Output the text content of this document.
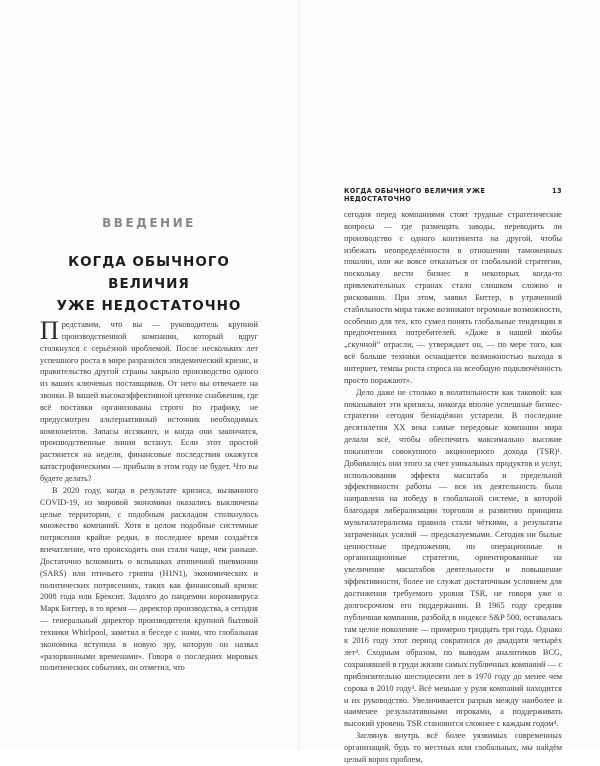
ВВЕДЕНИЕ
КОГДА ОБЫЧНОГО ВЕЛИЧИЯ
УЖЕ НЕДОСТАТОЧНО

Представим, что вы — руководитель крупной производственной компании, который вдруг столкнулся с серьёзной проблемой. После нескольких лет успешного роста в мире разразился эпидемический кризис, и правительство другой страны закрыло производство одного из ваших ключевых поставщиков. От него вы отвечаете на звонки. В вашей высокоэффективной цепочке снабжения, где всё поставки организованы строго по графику, не предусмотрен альтернативный источник необходимых компонентов. Запасы иссякают, и когда они закончатся, производственные линии встанут. Если этот простой растянется на недели, финансовые последствия окажутся катастрофическими — прибыли в этом году не будет. Что вы будете делать?

В 2020 году, когда в результате кризиса, вызванного COVID-19, из мировой экономики оказались выключены целые территории, с подобным раскладом столкнулось множество компаний. Хотя в целом подобные системные потрясения крайне редки, в последнее время создаётся впечатление, что происходить они стали чаще, чем раньше. Достаточно вспомнить о вспышках атипичной пневмонии (SARS) или птичьего гриппа (H1N1), экономических и политических потрясениях, таких как финансовый кризис 2008 года или Брексит. Задолго до пандемии коронавируса Марк Биттер, в то время — директор производства, а сегодня — генеральный директор производителя крупной бытовой техники Whirlpool, заметил в беседе с нами, что глобальная экономика вступила в новую эру, которую он назвал «разорванными временами». Говоря о последних мировых политических событиях, он отметил, что

КОГДА ОБЫЧНОГО ВЕЛИЧИЯ УЖЕ НЕДОСТАТОЧНО
13

сегодня перед компаниями стоят трудные стратегические вопросы — где размещать заводы, переводить ли производство с одного континента на другой, чтобы избежать неопределённости в отношении таможенных пошлин, или же вовсе отказаться от глобальной стратегии, поскольку вести бизнес в некоторых когда-то привлекательных странах стало слишком сложно и рискованно. При этом, заявил Биттер, в утраченной стабильности мира также возникают огромные возможности, особенно для тех, кто сумел понять глобальные тенденции в предпочтениях потребителей. «Даже в нашей якобы „скучной“ отрасли, — утверждает он, — по мере того, как всё больше техники оснащается возможностью выхода в интернет, темпы роста спроса на всеобщую подключённость просто поражают».

Дело даже не столько в волатильности как таковой: как показывают эти кризисы, никогда вполне успешные бизнес-стратегии сегодня безнадёжно устарели. В последние десятилетия XX века самые передовые компании мира делали всё, чтобы обеспечить максимально высокие показатели совокупного акционерного дохода (TSR)¹. Добивались они этого за счет уникальных продуктов и услуг, использования эффекта масштаба и предельной эффективности работы — вся их деятельность была направлена на победу в глобальной системе, в которой благодаря либерализации торговли и развитию принципа мультилатерализма правила стали чёткими, а результаты затраченных усилий — предсказуемыми. Сегодня ни былые ценностные предложения, ни операционные и организационные стратегии, ориентированные на увеличение масштабов деятельности и повышение эффективности, более не служат достаточным условием для достижения требуемого уровня TSR, не говоря уже о долгосрочном его поддержании. В 1965 году средняя публичная компания, разбойд в индексе S&P 500, оставалась там целое поколение — примерно тридцать три года. Однако к 2016 году этот период сократился до двадцати четырёх лет². Сходным образом, по выводам аналитиков BCG, сохранявшей в груди жизни самых публичных компаний — с приблизительно шестидесяти лет в 1970 году до менее чем сорока в 2010 году³. Всё меньше у руля компаний находится и их руководство. Увеличивается разрыв между наиболее и наименее результативными игроками, а поддерживать высокий уровень TSR становится сложнее с каждым годом⁴.

Заглянув внутрь всё более уязвимых современных организаций, будь то местных или глобальных, мы найдём целый ворох проблем,
